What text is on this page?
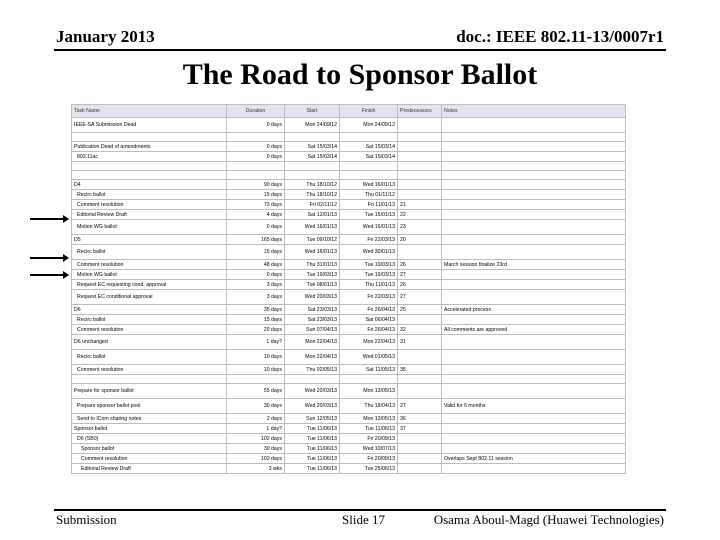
January 2013	doc.: IEEE 802.11-13/0007r1
The Road to Sponsor Ballot
Task Name	Duration	Start	Finish	Predecessors	Notes
IEEE-SA Submission Dead	0 days	Mon 24/09/12	Mon 24/09/12		

Publication Dead of amendments	0 days	Sat 15/03/14	Sat 15/03/14		
802.11ac	0 days	Sat 15/03/14	Sat 15/03/14		

D4	90 days	Thu 18/10/12	Wed 16/01/13		
Recirc ballot	15 days	Thu 18/10/12	Thu 01/11/12		
Comment resolution	73 days	Fri 02/11/12	Fri 11/01/13	21	
Editorial Review Draft	4 days	Sat 12/01/13	Tue 15/01/13	22	
Motion WG ballot	0 days	Wed 16/01/13	Wed 16/01/13	23	
D5	165 days	Tue 09/10/12	Fri 22/03/13	20	
Recirc ballot	15 days	Wed 16/01/13	Wed 30/01/13		
Comment resolution	48 days	Thu 31/01/13	Tue 19/03/13	26	March session finalize 23rd
Motion WG ballot	0 days	Tue 19/03/13	Tue 19/03/13	27	
Request EC requesting cond. approval	3 days	Tue 08/01/13	Thu 11/01/13	26	
Request EC conditional approval	3 days	Wed 20/03/13	Fri 22/03/13	27	
D6	35 days	Sat 23/03/13	Fri 26/04/13	25	Accelerated process
Recirc ballot	15 days	Sat 23/03/13	Sat 06/04/13		
Comment resolution	20 days	Sun 07/04/13	Fri 26/04/13	32	All comments are approved
D6 unchanged	1 day?	Mon 22/04/13	Mon 22/04/13	31	
Recirc ballot	10 days	Mon 22/04/13	Wed 01/05/13		
Comment resolution	10 days	Thu 02/05/13	Sat 11/05/13	35	

Prepare for sponsor ballot	55 days	Wed 20/03/13	Mon 13/05/13		
Prepare sponsor ballot pool	30 days	Wed 20/03/13	Thu 18/04/13	27	Valid for 6 months
Send to ICom sharing notes	2 days	Sun 12/05/13	Mon 13/05/13	36	
Sponsor ballot	1 day?	Tue 11/06/13	Tue 11/06/13	37	
D6 (SB0)	102 days	Tue 11/06/13	Fri 20/09/13		
Sponsor ballot	30 days	Tue 11/06/13	Wed 10/07/13		
Comment resolution	102 days	Tue 11/06/13	Fri 20/09/13		Overlaps Sept 802.11 session
Editorial Review Draft	3 wks	Tue 11/06/13	Tue 25/06/13		
Submission	Slide 17	Osama Aboul-Magd (Huawei Technologies)
